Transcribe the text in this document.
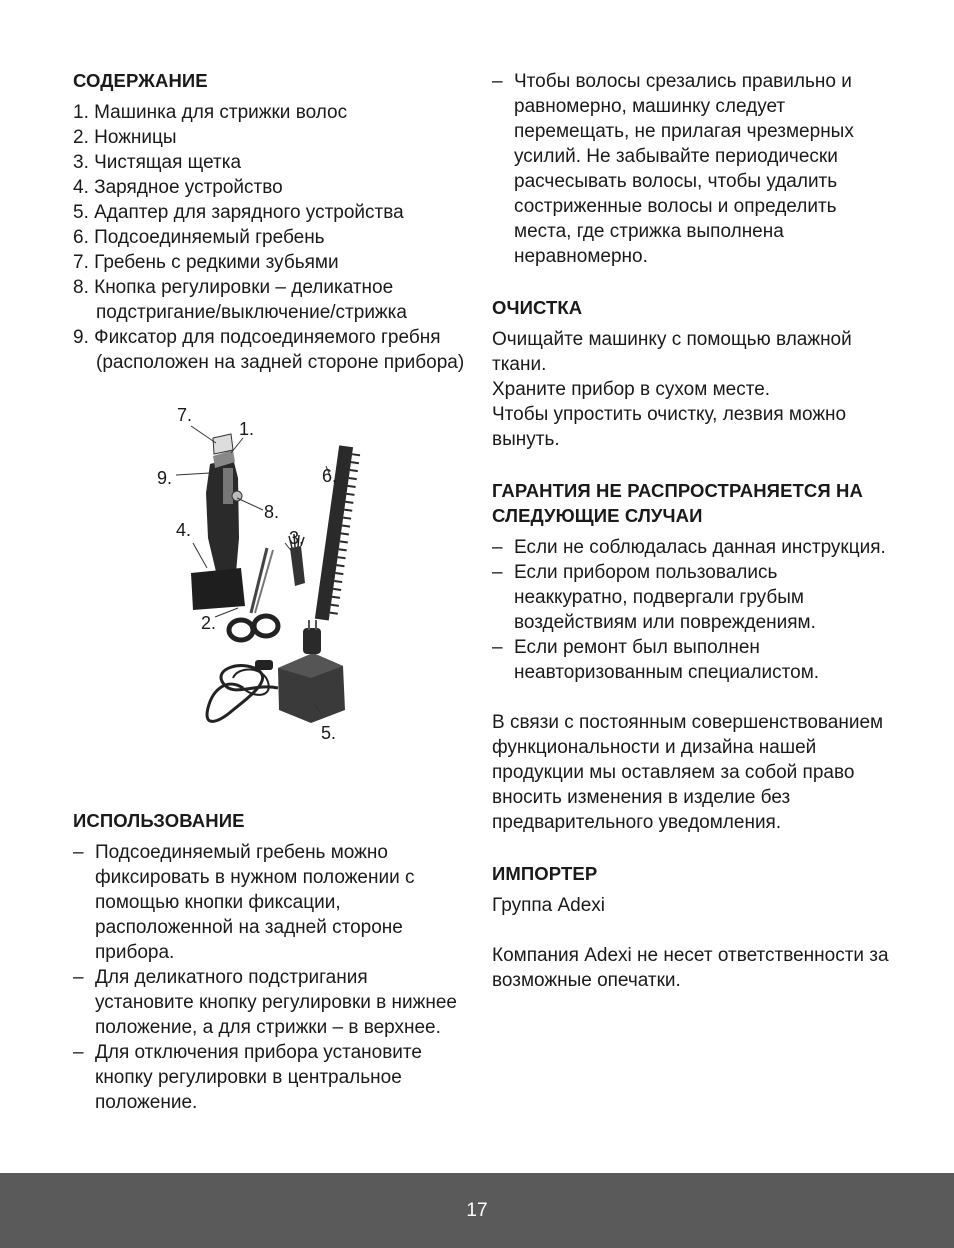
СОДЕРЖАНИЕ
1. Машинка для стрижки волос
2. Ножницы
3. Чистящая щетка
4. Зарядное устройство
5. Адаптер для зарядного устройства
6. Подсоединяемый гребень
7. Гребень с редкими зубьями
8. Кнопка регулировки – деликатное подстригание/выключение/стрижка
9. Фиксатор для подсоединяемого гребня (расположен на задней стороне прибора)
7.
1.
9.	6.
8.
4.	3.
2.
5.
ИСПОЛЬЗОВАНИЕ
– Подсоединяемый гребень можно фиксировать в нужном положении с помощью кнопки фиксации, расположенной на задней стороне прибора.
– Для деликатного подстригания установите кнопку регулировки в нижнее положение, а для стрижки – в верхнее.
– Для отключения прибора установите кнопку регулировки в центральное положение.
– Чтобы волосы срезались правильно и равномерно, машинку следует перемещать, не прилагая чрезмерных усилий. Не забывайте периодически расчесывать волосы, чтобы удалить состриженные волосы и определить места, где стрижка выполнена неравномерно.
ОЧИСТКА

Очищайте машинку с помощью влажной ткани.

Храните прибор в сухом месте.

Чтобы упростить очистку, лезвия можно вынуть.

ГАРАНТИЯ НЕ РАСПРОСТРАНЯЕТСЯ НА СЛЕДУЮЩИЕ СЛУЧАИ
– Если не соблюдалась данная инструкция.
– Если прибором пользовались неаккуратно, подвергали грубым воздействиям или повреждениям.
– Если ремонт был выполнен неавторизованным специалистом.

В связи с постоянным совершенствованием функциональности и дизайна нашей продукции мы оставляем за собой право вносить изменения в изделие без предварительного уведомления.

ИМПОРТЕР

Группа Adexi

Компания Adexi не несет ответственности за возможные опечатки.

17
